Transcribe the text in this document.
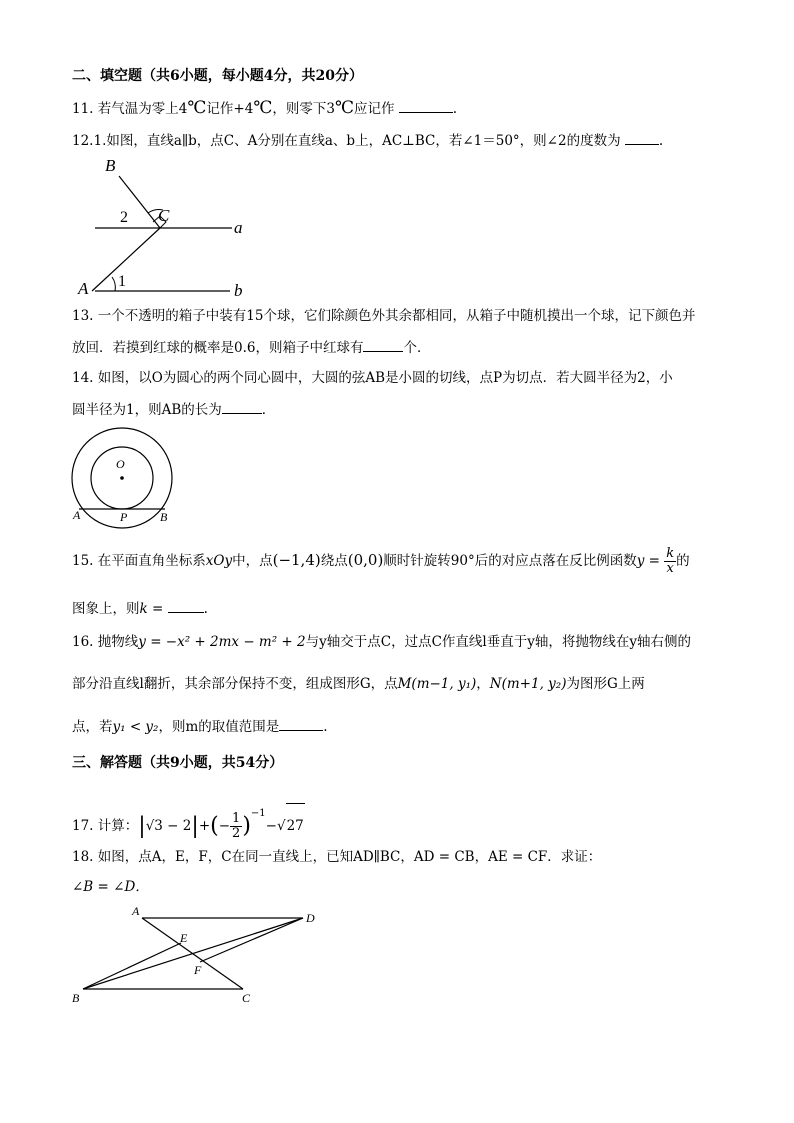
二、填空题（共6小题，每小题4分，共20分）
11. 若气温为零上4℃记作+4℃，则零下3℃应记作	.
12.1.如图，直线a∥b，点C、A分别在直线a、b上，AC⊥BC，若∠1＝50°，则∠2的度数为	.
B
C
a
A	b
1
2
13. 一个不透明的箱子中装有15个球，它们除颜色外其余都相同，从箱子中随机摸出一个球，记下颜色并
放回．若摸到红球的概率是0.6，则箱子中红球有	个．
14. 如图，以O为圆心的两个同心圆中，大圆的弦AB是小圆的切线，点P为切点．若大圆半径为2，小
圆半径为1，则AB的长为	．
O
A	P	B
15. 在平面直角坐标系xOy中，点(−1,4)绕点(0,0)顺时针旋转90°后的对应点落在反比例函数$y = \frac{k}{x}$ 的
图象上，则k =	.
16. 抛物线y = −x² + 2mx − m² + 2与y轴交于点C，过点C作直线l垂直于y轴，将抛物线在y轴右侧的
部分沿直线l翻折，其余部分保持不变，组成图形G，点M(m−1, y₁)，N(m+1, y₂)为图形G上两
点，若y₁ < y₂，则m的取值范围是	.
三、解答题（共9小题，共54分）
17. 计算：$|√3 - 2|+(- \frac{1}{2} )^{-1}-√27$
18. 如图，点A，E，F，C在同一直线上，已知AD∥BC，AD = CB，AE = CF．求证：
∠B = ∠D．
A	D
E
F
B	C
